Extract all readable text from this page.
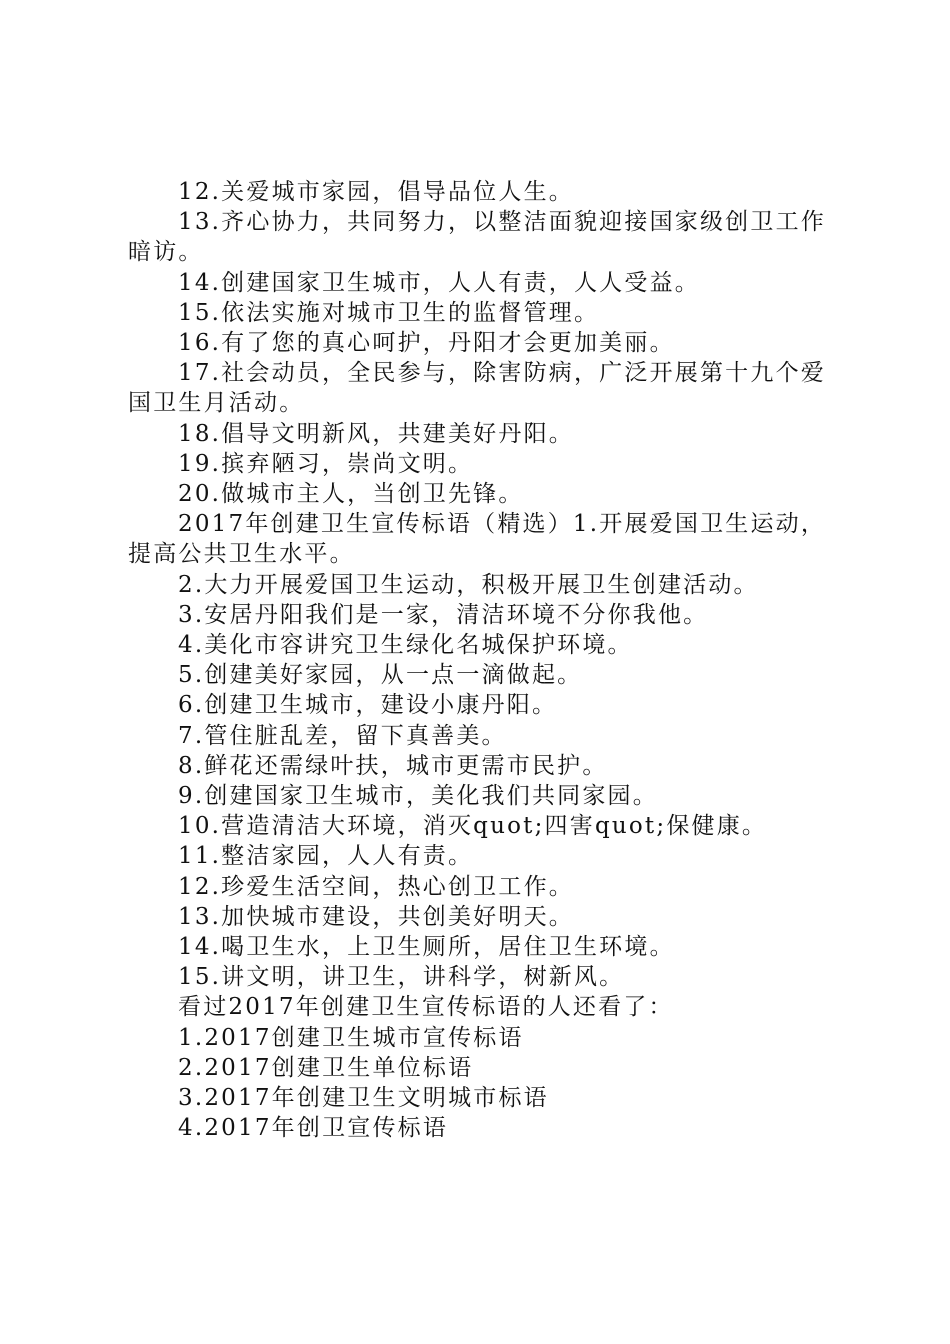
12.关爱城市家园，倡导品位人生。

13.齐心协力，共同努力，以整洁面貌迎接国家级创卫工作暗访。

14.创建国家卫生城市，人人有责，人人受益。

15.依法实施对城市卫生的监督管理。

16.有了您的真心呵护，丹阳才会更加美丽。

17.社会动员，全民参与，除害防病，广泛开展第十九个爱国卫生月活动。

18.倡导文明新风，共建美好丹阳。

19.摈弃陋习，崇尚文明。

20.做城市主人，当创卫先锋。

2017年创建卫生宣传标语（精选）1.开展爱国卫生运动，提高公共卫生水平。

2.大力开展爱国卫生运动，积极开展卫生创建活动。

3.安居丹阳我们是一家，清洁环境不分你我他。

4.美化市容讲究卫生绿化名城保护环境。

5.创建美好家园，从一点一滴做起。

6.创建卫生城市，建设小康丹阳。

7.管住脏乱差，留下真善美。

8.鲜花还需绿叶扶，城市更需市民护。

9.创建国家卫生城市，美化我们共同家园。

10.营造清洁大环境，消灭quot;四害quot;保健康。

11.整洁家园，人人有责。

12.珍爱生活空间，热心创卫工作。

13.加快城市建设，共创美好明天。

14.喝卫生水，上卫生厕所，居住卫生环境。

15.讲文明，讲卫生，讲科学，树新风。

看过2017年创建卫生宣传标语的人还看了：

1.2017创建卫生城市宣传标语

2.2017创建卫生单位标语

3.2017年创建卫生文明城市标语

4.2017年创卫宣传标语
